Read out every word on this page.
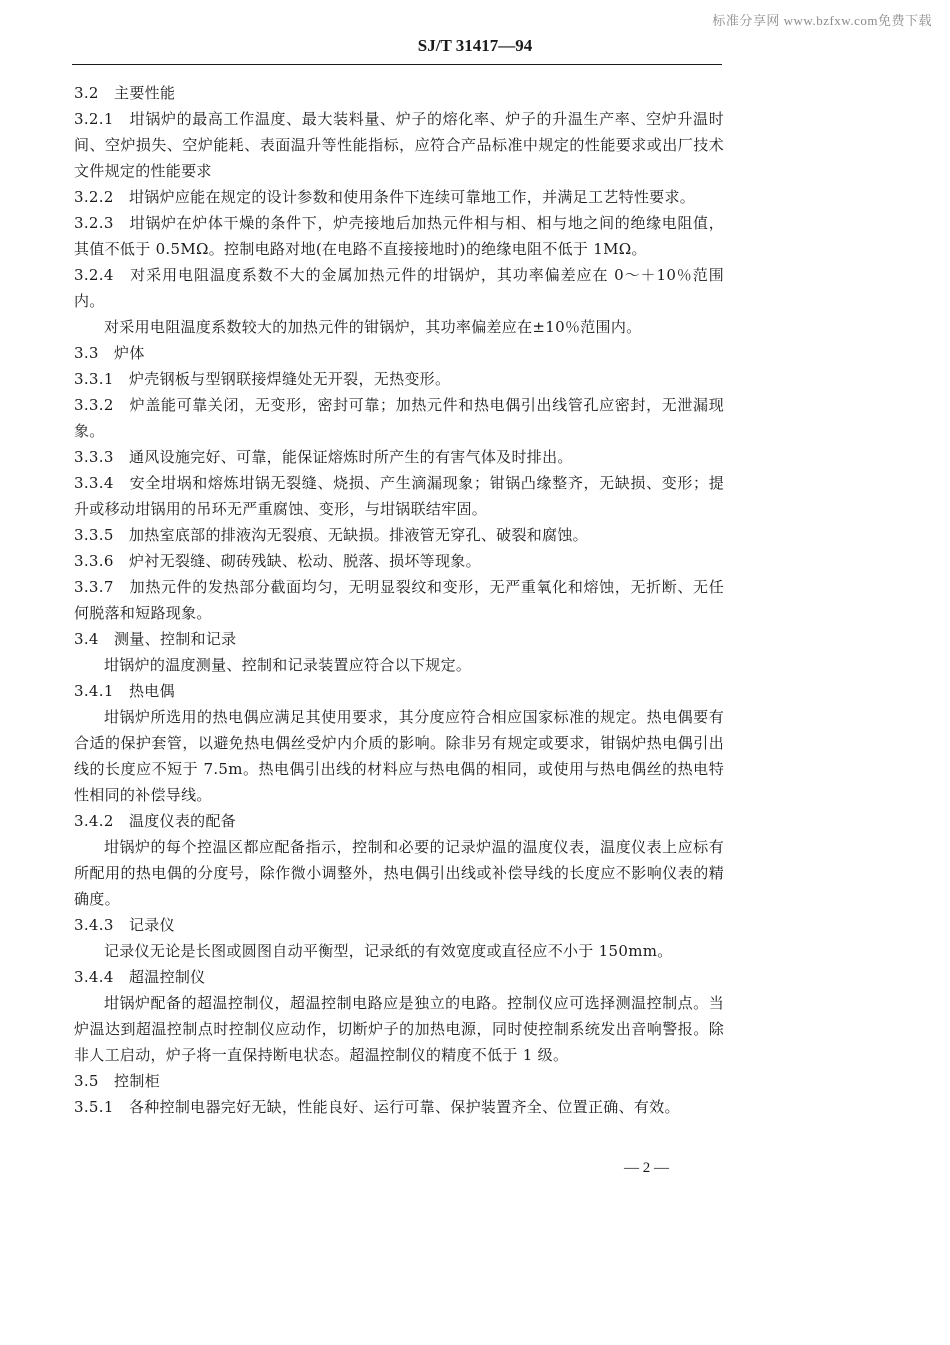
标准分享网 www.bzfxw.com免费下载
SJ/T 31417—94

3.2　主要性能

3.2.1　坩锅炉的最高工作温度、最大装料量、炉子的熔化率、炉子的升温生产率、空炉升温时间、空炉损失、空炉能耗、表面温升等性能指标，应符合产品标准中规定的性能要求或出厂技术文件规定的性能要求

3.2.2　坩锅炉应能在规定的设计参数和使用条件下连续可靠地工作，并满足工艺特性要求。

3.2.3　坩锅炉在炉体干燥的条件下，炉壳接地后加热元件相与相、相与地之间的绝缘电阻值，其值不低于 0.5MΩ。控制电路对地(在电路不直接接地时)的绝缘电阻不低于 1MΩ。

3.2.4　对采用电阻温度系数不大的金属加热元件的坩锅炉，其功率偏差应在 0～＋10％范围内。

对采用电阻温度系数较大的加热元件的钳锅炉，其功率偏差应在±10％范围内。

3.3　炉体

3.3.1　炉壳钢板与型钢联接焊缝处无开裂，无热变形。

3.3.2　炉盖能可靠关闭，无变形，密封可靠；加热元件和热电偶引出线管孔应密封，无泄漏现象。

3.3.3　通风设施完好、可靠，能保证熔炼时所产生的有害气体及时排出。

3.3.4　安全坩埚和熔炼坩锅无裂缝、烧损、产生滴漏现象；钳锅凸缘整齐，无缺损、变形；提升或移动坩锅用的吊环无严重腐蚀、变形，与坩锅联结牢固。

3.3.5　加热室底部的排液沟无裂痕、无缺损。排液管无穿孔、破裂和腐蚀。

3.3.6　炉衬无裂缝、砌砖残缺、松动、脱落、损坏等现象。

3.3.7　加热元件的发热部分截面均匀，无明显裂纹和变形，无严重氧化和熔蚀，无折断、无任何脱落和短路现象。

3.4　测量、控制和记录

坩锅炉的温度测量、控制和记录装置应符合以下规定。

3.4.1　热电偶

坩锅炉所选用的热电偶应满足其使用要求，其分度应符合相应国家标准的规定。热电偶要有合适的保护套管，以避免热电偶丝受炉内介质的影响。除非另有规定或要求，钳锅炉热电偶引出线的长度应不短于 7.5m。热电偶引出线的材料应与热电偶的相同，或使用与热电偶丝的热电特性相同的补偿导线。

3.4.2　温度仪表的配备

坩锅炉的每个控温区都应配备指示，控制和必要的记录炉温的温度仪表，温度仪表上应标有所配用的热电偶的分度号，除作微小调整外，热电偶引出线或补偿导线的长度应不影响仪表的精确度。

3.4.3　记录仪

记录仪无论是长图或圆图自动平衡型，记录纸的有效宽度或直径应不小于 150mm。

3.4.4　超温控制仪

坩锅炉配备的超温控制仪，超温控制电路应是独立的电路。控制仪应可选择测温控制点。当炉温达到超温控制点时控制仪应动作，切断炉子的加热电源，同时使控制系统发出音响警报。除非人工启动，炉子将一直保持断电状态。超温控制仪的精度不低于 1 级。

3.5　控制柜

3.5.1　各种控制电器完好无缺，性能良好、运行可靠、保护装置齐全、位置正确、有效。

— 2 —
